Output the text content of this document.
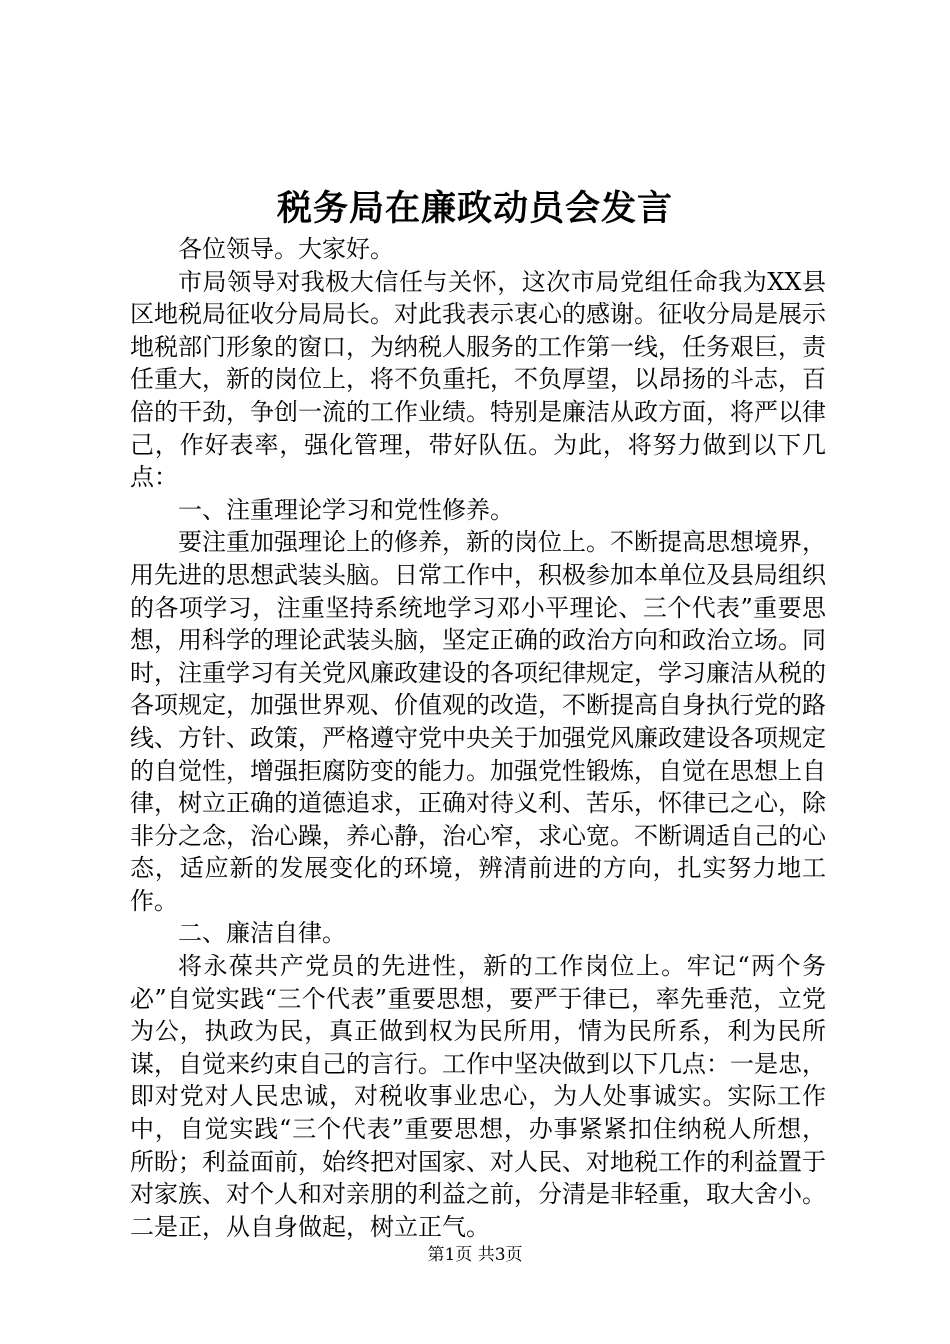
税务局在廉政动员会发言

各位领导。大家好。

市局领导对我极大信任与关怀，这次市局党组任命我为XX县区地税局征收分局局长。对此我表示衷心的感谢。征收分局是展示地税部门形象的窗口，为纳税人服务的工作第一线，任务艰巨，责任重大，新的岗位上，将不负重托，不负厚望，以昂扬的斗志，百倍的干劲，争创一流的工作业绩。特别是廉洁从政方面，将严以律己，作好表率，强化管理，带好队伍。为此，将努力做到以下几点：

一、注重理论学习和党性修养。

要注重加强理论上的修养，新的岗位上。不断提高思想境界，用先进的思想武装头脑。日常工作中，积极参加本单位及县局组织的各项学习，注重坚持系统地学习邓小平理论、三个代表”重要思想，用科学的理论武装头脑，坚定正确的政治方向和政治立场。同时，注重学习有关党风廉政建设的各项纪律规定，学习廉洁从税的各项规定，加强世界观、价值观的改造，不断提高自身执行党的路线、方针、政策，严格遵守党中央关于加强党风廉政建设各项规定的自觉性，增强拒腐防变的能力。加强党性锻炼，自觉在思想上自律，树立正确的道德追求，正确对待义利、苦乐，怀律已之心，除非分之念，治心躁，养心静，治心窄，求心宽。不断调适自己的心态，适应新的发展变化的环境，辨清前进的方向，扎实努力地工作。

二、廉洁自律。

将永葆共产党员的先进性，新的工作岗位上。牢记“两个务必”自觉实践“三个代表”重要思想，要严于律已，率先垂范，立党为公，执政为民，真正做到权为民所用，情为民所系，利为民所谋，自觉来约束自己的言行。工作中坚决做到以下几点：一是忠，即对党对人民忠诚，对税收事业忠心，为人处事诚实。实际工作中，自觉实践“三个代表”重要思想，办事紧紧扣住纳税人所想，所盼；利益面前，始终把对国家、对人民、对地税工作的利益置于对家族、对个人和对亲朋的利益之前，分清是非轻重，取大舍小。二是正，从自身做起，树立正气。

第1页 共3页
